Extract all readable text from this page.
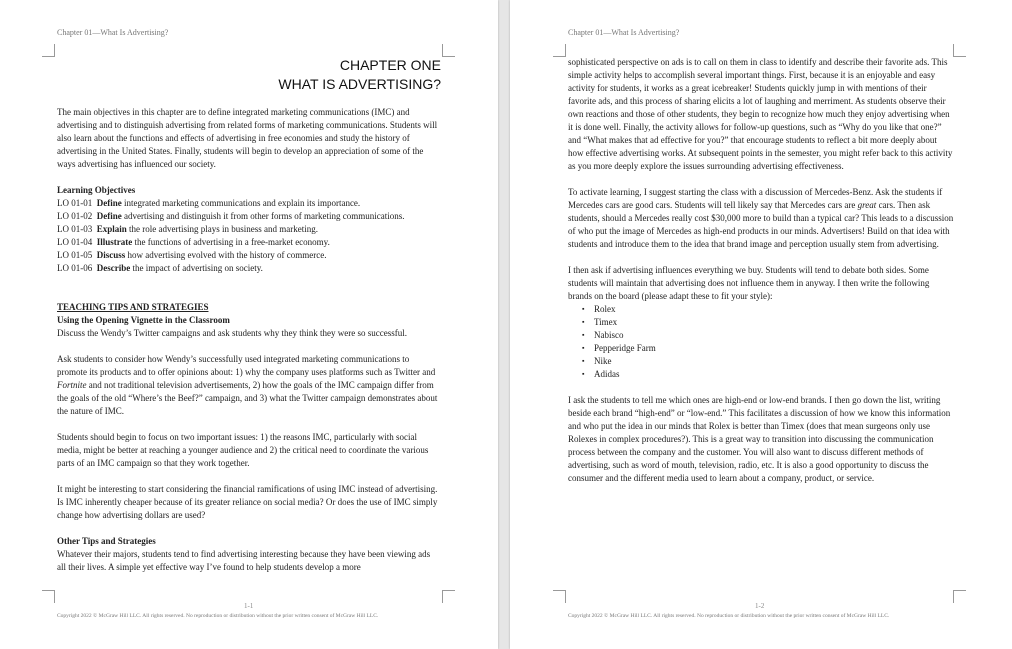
Chapter 01—What Is Advertising?

CHAPTER ONE

WHAT IS ADVERTISING?

The main objectives in this chapter are to define integrated marketing communications (IMC) and advertising and to distinguish advertising from related forms of marketing communications. Students will also learn about the functions and effects of advertising in free economies and study the history of advertising in the United States. Finally, students will begin to develop an appreciation of some of the ways advertising has influenced our society.

Learning Objectives

LO 01-01 Define integrated marketing communications and explain its importance.
LO 01-02 Define advertising and distinguish it from other forms of marketing communications.
LO 01-03 Explain the role advertising plays in business and marketing.
LO 01-04 Illustrate the functions of advertising in a free-market economy.
LO 01-05 Discuss how advertising evolved with the history of commerce.
LO 01-06 Describe the impact of advertising on society.

TEACHING TIPS AND STRATEGIES

Using the Opening Vignette in the Classroom

Discuss the Wendy’s Twitter campaigns and ask students why they think they were so successful.

Ask students to consider how Wendy’s successfully used integrated marketing communications to promote its products and to offer opinions about: 1) why the company uses platforms such as Twitter and Fortnite and not traditional television advertisements, 2) how the goals of the IMC campaign differ from the goals of the old “Where’s the Beef?” campaign, and 3) what the Twitter campaign demonstrates about the nature of IMC.

Students should begin to focus on two important issues: 1) the reasons IMC, particularly with social media, might be better at reaching a younger audience and 2) the critical need to coordinate the various parts of an IMC campaign so that they work together.

It might be interesting to start considering the financial ramifications of using IMC instead of advertising. Is IMC inherently cheaper because of its greater reliance on social media? Or does the use of IMC simply change how advertising dollars are used?

Other Tips and Strategies

Whatever their majors, students tend to find advertising interesting because they have been viewing ads all their lives. A simple yet effective way I’ve found to help students develop a more

1-1
Copyright 2022 © McGraw Hill LLC. All rights reserved. No reproduction or distribution without the prior written consent of McGraw Hill LLC.
Chapter 01—What Is Advertising?

sophisticated perspective on ads is to call on them in class to identify and describe their favorite ads. This simple activity helps to accomplish several important things. First, because it is an enjoyable and easy activity for students, it works as a great icebreaker! Students quickly jump in with mentions of their favorite ads, and this process of sharing elicits a lot of laughing and merriment. As students observe their own reactions and those of other students, they begin to recognize how much they enjoy advertising when it is done well. Finally, the activity allows for follow-up questions, such as “Why do you like that one?” and “What makes that ad effective for you?” that encourage students to reflect a bit more deeply about how effective advertising works. At subsequent points in the semester, you might refer back to this activity as you more deeply explore the issues surrounding advertising effectiveness.

To activate learning, I suggest starting the class with a discussion of Mercedes-Benz. Ask the students if Mercedes cars are good cars. Students will tell likely say that Mercedes cars are great cars. Then ask students, should a Mercedes really cost $30,000 more to build than a typical car? This leads to a discussion of who put the image of Mercedes as high-end products in our minds. Advertisers! Build on that idea with students and introduce them to the idea that brand image and perception usually stem from advertising.

I then ask if advertising influences everything we buy. Students will tend to debate both sides. Some students will maintain that advertising does not influence them in anyway. I then write the following brands on the board (please adapt these to fit your style):

▪ Rolex
▪ Timex
▪ Nabisco
▪ Pepperidge Farm
▪ Nike
▪ Adidas

I ask the students to tell me which ones are high-end or low-end brands. I then go down the list, writing beside each brand “high-end” or “low-end.” This facilitates a discussion of how we know this information and who put the idea in our minds that Rolex is better than Timex (does that mean surgeons only use Rolexes in complex procedures?). This is a great way to transition into discussing the communication process between the company and the customer. You will also want to discuss different methods of advertising, such as word of mouth, television, radio, etc. It is also a good opportunity to discuss the consumer and the different media used to learn about a company, product, or service.

1-2
Copyright 2022 © McGraw Hill LLC. All rights reserved. No reproduction or distribution without the prior written consent of McGraw Hill LLC.
